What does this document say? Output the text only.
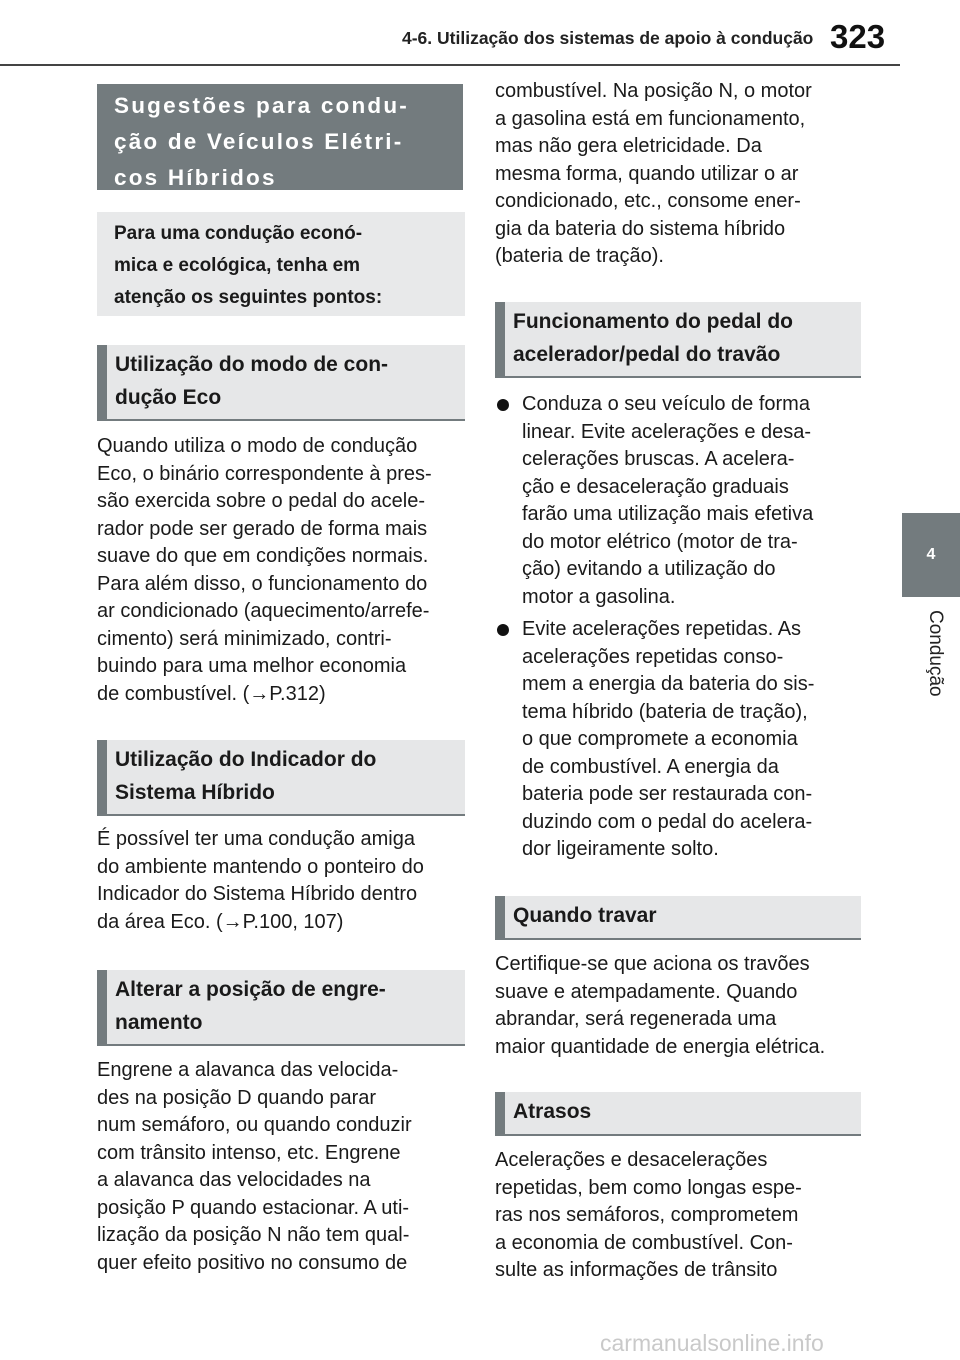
4-6. Utilização dos sistemas de apoio à condução 323
4
Condução
Sugestões para condu-
ção de Veículos Elétri-
cos Híbridos
Para uma condução econó-
mica e ecológica, tenha em
atenção os seguintes pontos:
Utilização do modo de con-
dução Eco
Quando utiliza o modo de condução
Eco, o binário correspondente à pres-
são exercida sobre o pedal do acele-
rador pode ser gerado de forma mais
suave do que em condições normais.
Para além disso, o funcionamento do
ar condicionado (aquecimento/arrefe-
cimento) será minimizado, contri-
buindo para uma melhor economia
de combustível. (→P.312)
Utilização do Indicador do
Sistema Híbrido
É possível ter uma condução amiga
do ambiente mantendo o ponteiro do
Indicador do Sistema Híbrido dentro
da área Eco. (→P.100, 107)
Alterar a posição de engre-
namento
Engrene a alavanca das velocida-
des na posição D quando parar
num semáforo, ou quando conduzir
com trânsito intenso, etc. Engrene
a alavanca das velocidades na
posição P quando estacionar. A uti-
lização da posição N não tem qual-
quer efeito positivo no consumo de
combustível. Na posição N, o motor
a gasolina está em funcionamento,
mas não gera eletricidade. Da
mesma forma, quando utilizar o ar
condicionado, etc., consome ener-
gia da bateria do sistema híbrido
(bateria de tração).
Funcionamento do pedal do
acelerador/pedal do travão
Conduza o seu veículo de forma
linear. Evite acelerações e desa-
celerações bruscas. A acelera-
ção e desaceleração graduais
farão uma utilização mais efetiva
do motor elétrico (motor de tra-
ção) evitando a utilização do
motor a gasolina.
Evite acelerações repetidas. As
acelerações repetidas conso-
mem a energia da bateria do sis-
tema híbrido (bateria de tração),
o que compromete a economia
de combustível. A energia da
bateria pode ser restaurada con-
duzindo com o pedal do acelera-
dor ligeiramente solto.
Quando travar
Certifique-se que aciona os travões
suave e atempadamente. Quando
abrandar, será regenerada uma
maior quantidade de energia elétrica.
Atrasos
Acelerações e desacelerações
repetidas, bem como longas espe-
ras nos semáforos, comprometem
a economia de combustível. Con-
sulte as informações de trânsito
carmanualsonline.info
